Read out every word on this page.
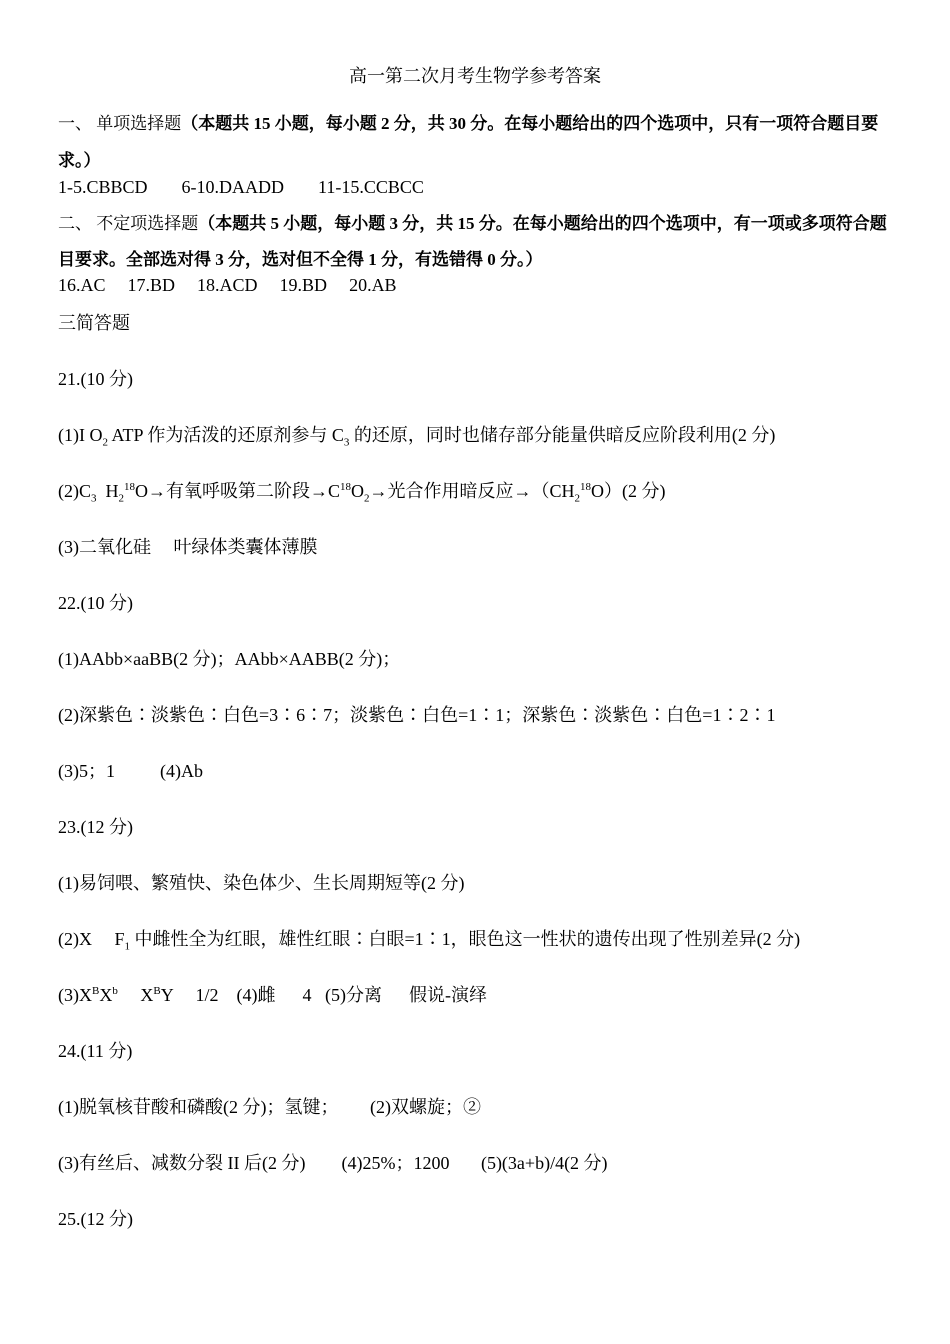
高一第二次月考生物学参考答案
一、 单项选择题（本题共 15 小题，每小题 2 分，共 30 分。在每小题给出的四个选项中，只有一项符合题目要
求。）
1-5.CBBCD 6-10.DAADD 11-15.CCBCC
二、 不定项选择题（本题共 5 小题，每小题 3 分，共 15 分。在每小题给出的四个选项中，有一项或多项符合题
目要求。全部选对得 3 分，选对但不全得 1 分，有选错得 0 分。）
16.AC 17.BD 18.ACD 19.BD 20.AB
三简答题
21.(10 分)
(1)I $O_2$ ATP 作为活泼的还原剂参与 $C_3$ 的还原，同时也储存部分能量供暗反应阶段利用(2 分)
$(2)C_3$  $H_2^{18}O\to$有氧呼吸第二阶段$\to C^{18}O_2\to$光合作用暗反应$\to(CH_2^{18}O)(2$ 分)
(3)二氧化硅     叶绿体类囊体薄膜
22.(10 分)
(1)AAbb×aaBB(2 分)；AAbb×AABB(2 分)；
(2)深紫色∶淡紫色∶白色=3∶6∶7；淡紫色∶白色=1∶1；深紫色∶淡紫色∶白色=1∶2∶1
(3)5；1          (4)Ab
23.(12 分)
(1)易饲喂、繁殖快、染色体少、生长周期短等(2 分)
(2)X     $F_1$ 中雌性全为红眼，雄性红眼∶白眼=1∶1，眼色这一性状的遗传出现了性别差异(2 分)
$(3)X^BX^b$     $X^BY$     1/2    (4)雌      4   (5)分离      假说-演绎
24.(11 分)
(1)脱氧核苷酸和磷酸(2 分)；氢键；       (2)双螺旋；②
(3)有丝后、减数分裂 II 后(2 分)        (4)25%；1200       (5)(3a+b)/4(2 分)
25.(12 分)
